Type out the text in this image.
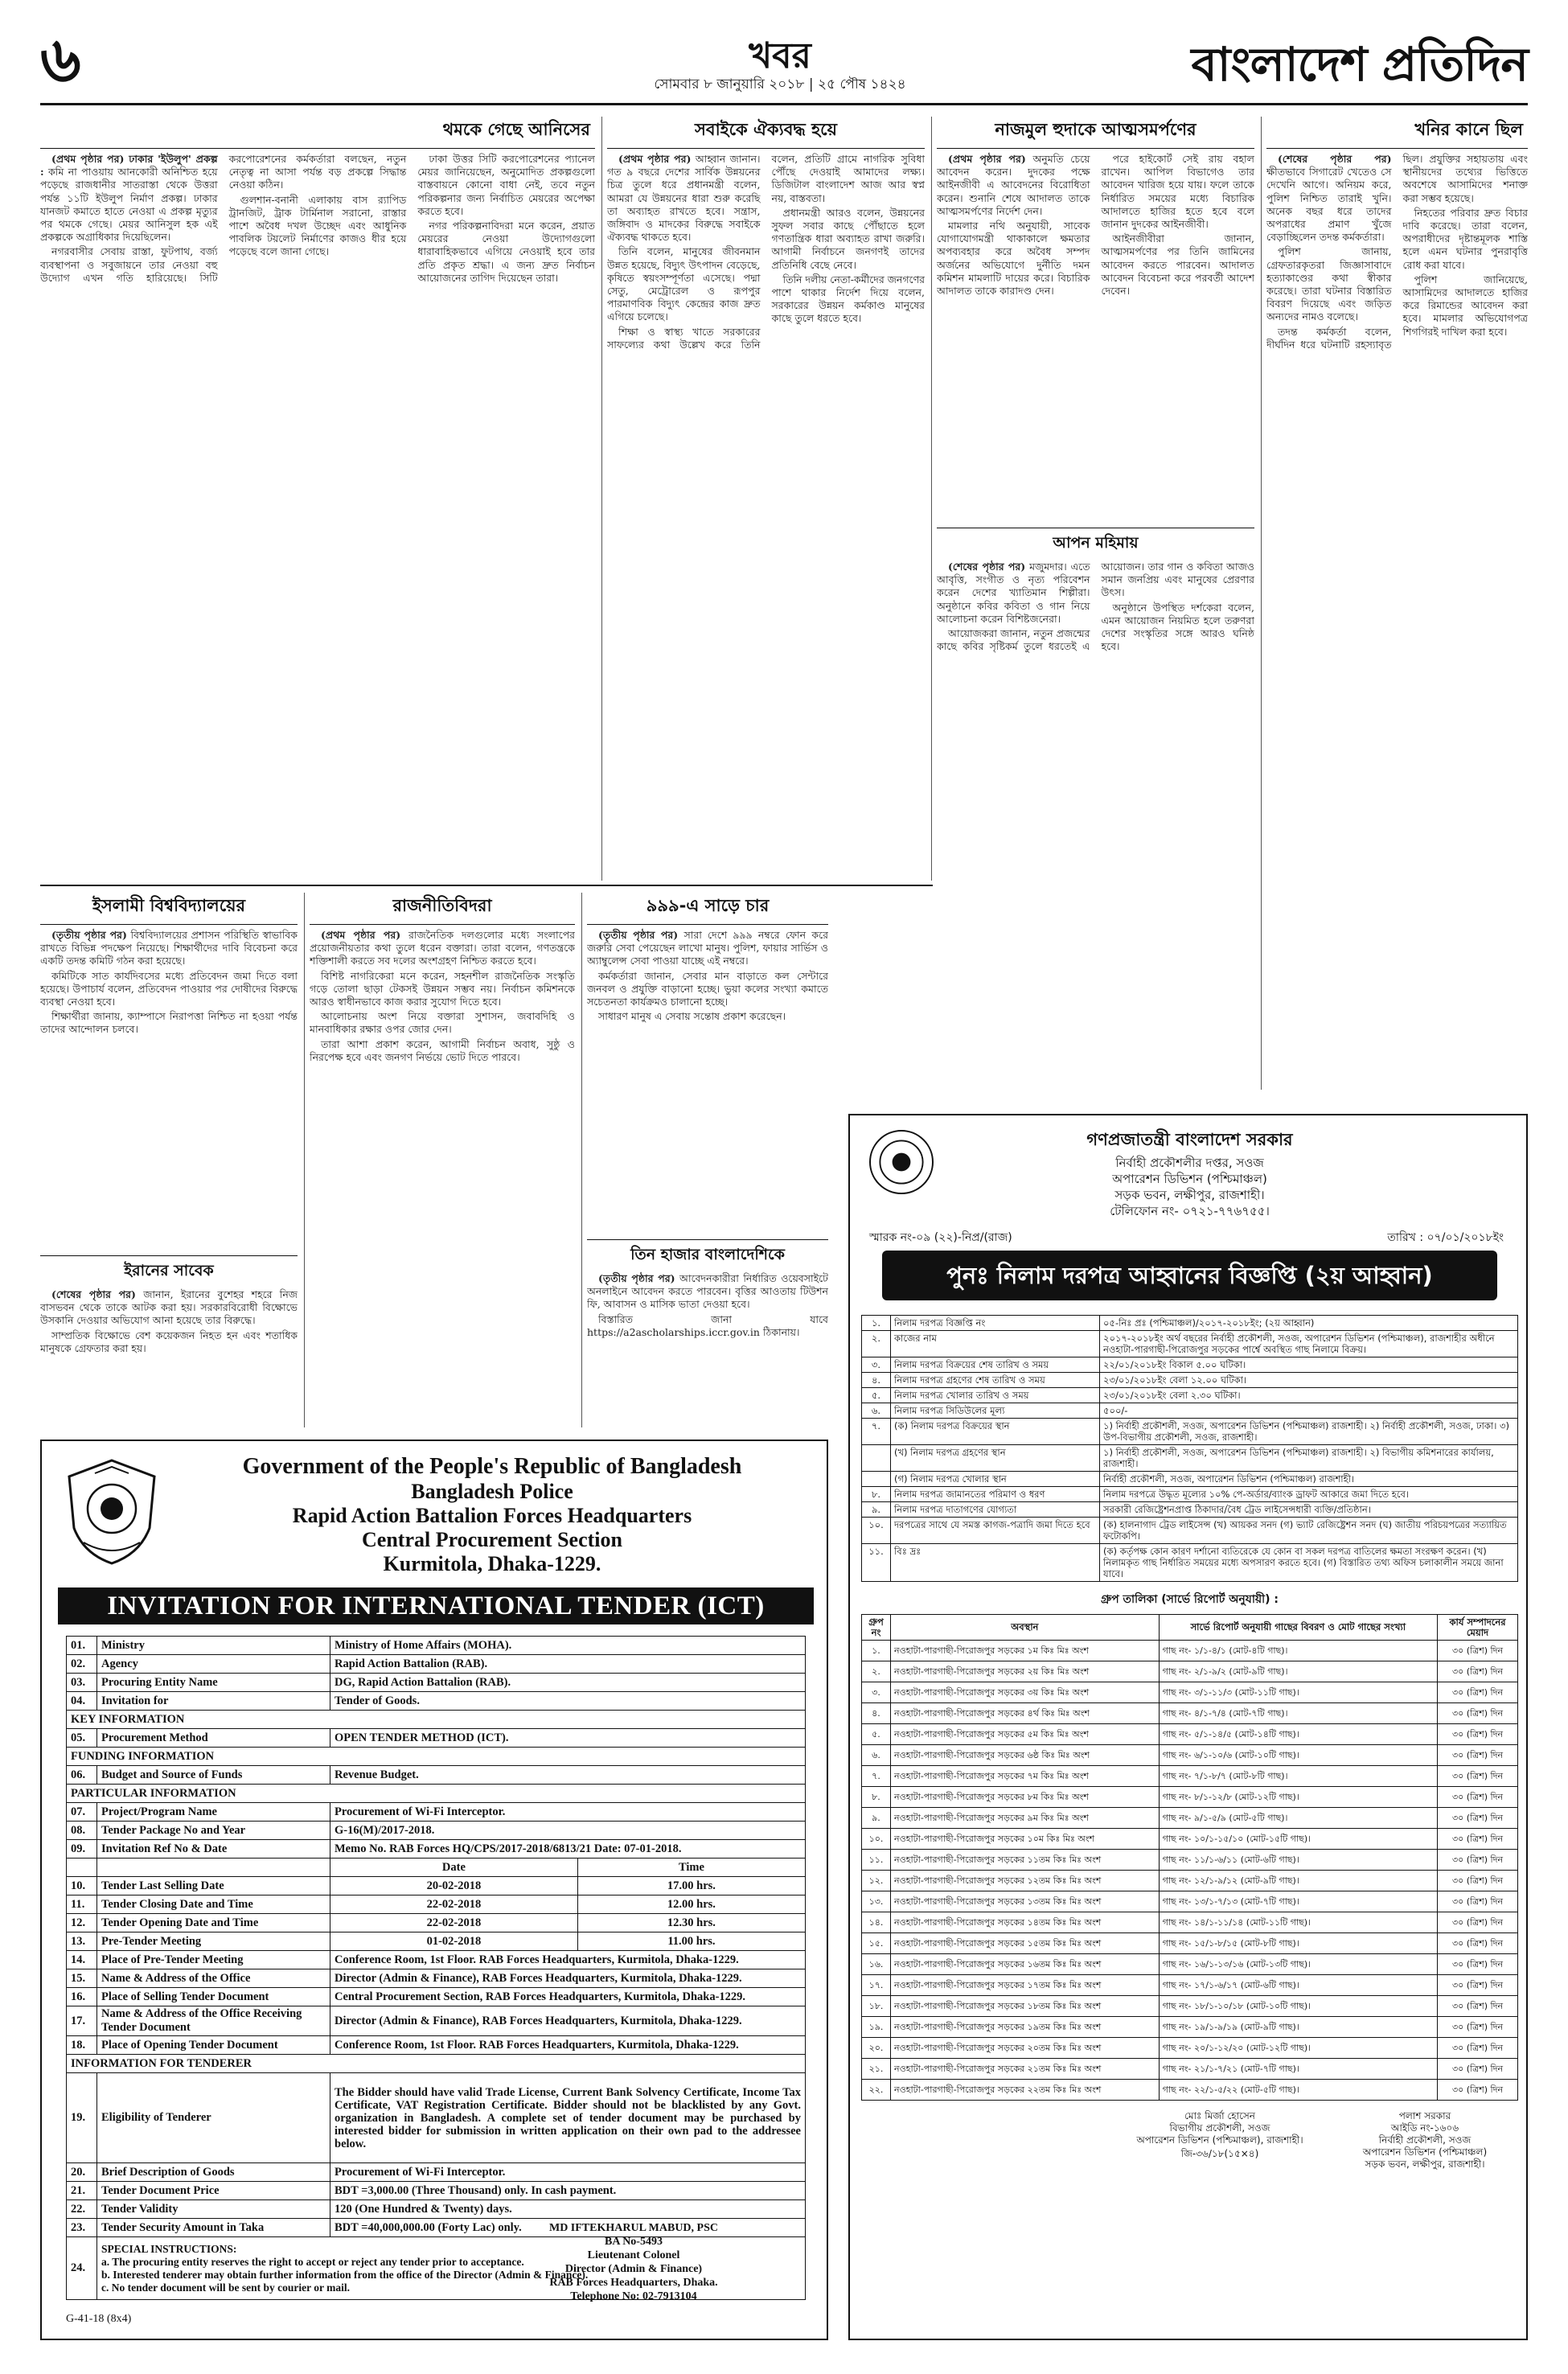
৬	খবর
সোমবার ৮ জানুয়ারি ২০১৮ | ২৫ পৌষ ১৪২৪	বাংলাদেশ প্রতিদিন
থমকে গেছে আনিসের

(প্রথম পৃষ্ঠার পর) ঢাকার 'ইউলুপ' প্রকল্প : কমি না পাওয়ায় আনকোরী অনিশ্চিত হয়ে পড়েছে রাজধানীর সাতরাস্তা থেকে উত্তরা পর্যন্ত ১১টি ইউলুপ নির্মাণ প্রকল্প। ঢাকার যানজট কমাতে হাতে নেওয়া এ প্রকল্প মৃত্যুর পর থমকে গেছে। মেয়র আনিসুল হক এই প্রকল্পকে অগ্রাধিকার দিয়েছিলেন।

নগরবাসীর সেবায় রাস্তা, ফুটপাথ, বর্জ্য ব্যবস্থাপনা ও সবুজায়নে তার নেওয়া বহু উদ্যোগ এখন গতি হারিয়েছে। সিটি করপোরেশনের কর্মকর্তারা বলছেন, নতুন নেতৃত্ব না আসা পর্যন্ত বড় প্রকল্পে সিদ্ধান্ত নেওয়া কঠিন।

গুলশান-বনানী এলাকায় বাস র‍্যাপিড ট্রানজিট, ট্রাক টার্মিনাল সরানো, রাস্তার পাশে অবৈধ দখল উচ্ছেদ এবং আধুনিক পাবলিক টয়লেট নির্মাণের কাজও ধীর হয়ে পড়েছে বলে জানা গেছে।

ঢাকা উত্তর সিটি করপোরেশনের প্যানেল মেয়র জানিয়েছেন, অনুমোদিত প্রকল্পগুলো বাস্তবায়নে কোনো বাধা নেই, তবে নতুন পরিকল্পনার জন্য নির্বাচিত মেয়রের অপেক্ষা করতে হবে।

নগর পরিকল্পনাবিদরা মনে করেন, প্রয়াত মেয়রের নেওয়া উদ্যোগগুলো ধারাবাহিকভাবে এগিয়ে নেওয়াই হবে তার প্রতি প্রকৃত শ্রদ্ধা। এ জন্য দ্রুত নির্বাচন আয়োজনের তাগিদ দিয়েছেন তারা।

সবাইকে ঐক্যবদ্ধ হয়ে

(প্রথম পৃষ্ঠার পর) আহ্বান জানান। গত ৯ বছরে দেশের সার্বিক উন্নয়নের চিত্র তুলে ধরে প্রধানমন্ত্রী বলেন, আমরা যে উন্নয়নের ধারা শুরু করেছি তা অব্যাহত রাখতে হবে। সন্ত্রাস, জঙ্গিবাদ ও মাদকের বিরুদ্ধে সবাইকে ঐক্যবদ্ধ থাকতে হবে।

তিনি বলেন, মানুষের জীবনমান উন্নত হয়েছে, বিদ্যুৎ উৎপাদন বেড়েছে, কৃষিতে স্বয়ংসম্পূর্ণতা এসেছে। পদ্মা সেতু, মেট্রোরেল ও রূপপুর পারমাণবিক বিদ্যুৎ কেন্দ্রের কাজ দ্রুত এগিয়ে চলেছে।

শিক্ষা ও স্বাস্থ্য খাতে সরকারের সাফল্যের কথা উল্লেখ করে তিনি বলেন, প্রতিটি গ্রামে নাগরিক সুবিধা পৌঁছে দেওয়াই আমাদের লক্ষ্য। ডিজিটাল বাংলাদেশ আজ আর স্বপ্ন নয়, বাস্তবতা।

প্রধানমন্ত্রী আরও বলেন, উন্নয়নের সুফল সবার কাছে পৌঁছাতে হলে গণতান্ত্রিক ধারা অব্যাহত রাখা জরুরি। আগামী নির্বাচনে জনগণই তাদের প্রতিনিধি বেছে নেবে।

তিনি দলীয় নেতা-কর্মীদের জনগণের পাশে থাকার নির্দেশ দিয়ে বলেন, সরকারের উন্নয়ন কর্মকাণ্ড মানুষের কাছে তুলে ধরতে হবে।

নাজমুল হুদাকে আত্মসমর্পণের

(প্রথম পৃষ্ঠার পর) অনুমতি চেয়ে আবেদন করেন। দুদকের পক্ষে আইনজীবী এ আবেদনের বিরোধিতা করেন। শুনানি শেষে আদালত তাকে আত্মসমর্পণের নির্দেশ দেন।

মামলার নথি অনুযায়ী, সাবেক যোগাযোগমন্ত্রী থাকাকালে ক্ষমতার অপব্যবহার করে অবৈধ সম্পদ অর্জনের অভিযোগে দুর্নীতি দমন কমিশন মামলাটি দায়ের করে। বিচারিক আদালত তাকে কারাদণ্ড দেন।

পরে হাইকোর্ট সেই রায় বহাল রাখেন। আপিল বিভাগেও তার আবেদন খারিজ হয়ে যায়। ফলে তাকে নির্ধারিত সময়ের মধ্যে বিচারিক আদালতে হাজির হতে হবে বলে জানান দুদকের আইনজীবী।

আইনজীবীরা জানান, আত্মসমর্পণের পর তিনি জামিনের আবেদন করতে পারবেন। আদালত আবেদন বিবেচনা করে পরবর্তী আদেশ দেবেন।

আপন মহিমায়

(শেষের পৃষ্ঠার পর) মজুমদার। এতে আবৃত্তি, সংগীত ও নৃত্য পরিবেশন করেন দেশের খ্যাতিমান শিল্পীরা। অনুষ্ঠানে কবির কবিতা ও গান নিয়ে আলোচনা করেন বিশিষ্টজনেরা।

আয়োজকরা জানান, নতুন প্রজন্মের কাছে কবির সৃষ্টিকর্ম তুলে ধরতেই এ আয়োজন। তার গান ও কবিতা আজও সমান জনপ্রিয় এবং মানুষের প্রেরণার উৎস।

অনুষ্ঠানে উপস্থিত দর্শকেরা বলেন, এমন আয়োজন নিয়মিত হলে তরুণরা দেশের সংস্কৃতির সঙ্গে আরও ঘনিষ্ঠ হবে।

খনির কানে ছিল

(শেষের পৃষ্ঠার পর) ক্ষীতভাবে সিগারেট খেতেও সে দেখেনি আগে। অনিয়ম করে, পুলিশ নিশ্চিত তারাই খুনি। অনেক বছর ধরে তাদের অপরাধের প্রমাণ খুঁজে বেড়াচ্ছিলেন তদন্ত কর্মকর্তারা।

পুলিশ জানায়, গ্রেফতারকৃতরা জিজ্ঞাসাবাদে হত্যাকাণ্ডের কথা স্বীকার করেছে। তারা ঘটনার বিস্তারিত বিবরণ দিয়েছে এবং জড়িত অন্যদের নামও বলেছে।

তদন্ত কর্মকর্তা বলেন, দীর্ঘদিন ধরে ঘটনাটি রহস্যাবৃত ছিল। প্রযুক্তির সহায়তায় এবং স্থানীয়দের তথ্যের ভিত্তিতে অবশেষে আসামিদের শনাক্ত করা সম্ভব হয়েছে।

নিহতের পরিবার দ্রুত বিচার দাবি করেছে। তারা বলেন, অপরাধীদের দৃষ্টান্তমূলক শাস্তি হলে এমন ঘটনার পুনরাবৃত্তি রোধ করা যাবে।

পুলিশ জানিয়েছে, আসামিদের আদালতে হাজির করে রিমান্ডের আবেদন করা হবে। মামলার অভিযোগপত্র শিগগিরই দাখিল করা হবে।

ইসলামী বিশ্ববিদ্যালয়ের

(তৃতীয় পৃষ্ঠার পর) বিশ্ববিদ্যালয়ের প্রশাসন পরিস্থিতি স্বাভাবিক রাখতে বিভিন্ন পদক্ষেপ নিয়েছে। শিক্ষার্থীদের দাবি বিবেচনা করে একটি তদন্ত কমিটি গঠন করা হয়েছে।

কমিটিকে সাত কার্যদিবসের মধ্যে প্রতিবেদন জমা দিতে বলা হয়েছে। উপাচার্য বলেন, প্রতিবেদন পাওয়ার পর দোষীদের বিরুদ্ধে ব্যবস্থা নেওয়া হবে।

শিক্ষার্থীরা জানায়, ক্যাম্পাসে নিরাপত্তা নিশ্চিত না হওয়া পর্যন্ত তাদের আন্দোলন চলবে।

ইরানের সাবেক

(শেষের পৃষ্ঠার পর) জানান, ইরানের বুশেহর শহরে নিজ বাসভবন থেকে তাকে আটক করা হয়। সরকারবিরোধী বিক্ষোভে উসকানি দেওয়ার অভিযোগ আনা হয়েছে তার বিরুদ্ধে।

সাম্প্রতিক বিক্ষোভে বেশ কয়েকজন নিহত হন এবং শতাধিক মানুষকে গ্রেফতার করা হয়।

রাজনীতিবিদরা

(প্রথম পৃষ্ঠার পর) রাজনৈতিক দলগুলোর মধ্যে সংলাপের প্রয়োজনীয়তার কথা তুলে ধরেন বক্তারা। তারা বলেন, গণতন্ত্রকে শক্তিশালী করতে সব দলের অংশগ্রহণ নিশ্চিত করতে হবে।

বিশিষ্ট নাগরিকেরা মনে করেন, সহনশীল রাজনৈতিক সংস্কৃতি গড়ে তোলা ছাড়া টেকসই উন্নয়ন সম্ভব নয়। নির্বাচন কমিশনকে আরও স্বাধীনভাবে কাজ করার সুযোগ দিতে হবে।

আলোচনায় অংশ নিয়ে বক্তারা সুশাসন, জবাবদিহি ও মানবাধিকার রক্ষার ওপর জোর দেন।

তারা আশা প্রকাশ করেন, আগামী নির্বাচন অবাধ, সুষ্ঠু ও নিরপেক্ষ হবে এবং জনগণ নির্ভয়ে ভোট দিতে পারবে।

৯৯৯-এ সাড়ে চার

(তৃতীয় পৃষ্ঠার পর) সারা দেশে ৯৯৯ নম্বরে ফোন করে জরুরি সেবা পেয়েছেন লাখো মানুষ। পুলিশ, ফায়ার সার্ভিস ও অ্যাম্বুলেন্স সেবা পাওয়া যাচ্ছে এই নম্বরে।

কর্মকর্তারা জানান, সেবার মান বাড়াতে কল সেন্টারে জনবল ও প্রযুক্তি বাড়ানো হচ্ছে। ভুয়া কলের সংখ্যা কমাতে সচেতনতা কার্যক্রমও চালানো হচ্ছে।

সাধারণ মানুষ এ সেবায় সন্তোষ প্রকাশ করেছেন।

তিন হাজার বাংলাদেশিকে

(তৃতীয় পৃষ্ঠার পর) আবেদনকারীরা নির্ধারিত ওয়েবসাইটে অনলাইনে আবেদন করতে পারবেন। বৃত্তির আওতায় টিউশন ফি, আবাসন ও মাসিক ভাতা দেওয়া হবে।

বিস্তারিত জানা যাবে https://a2ascholarships.iccr.gov.in ঠিকানায়।

Government of the People's Republic of Bangladesh
Bangladesh Police
Rapid Action Battalion Forces Headquarters
Central Procurement Section
Kurmitola, Dhaka-1229.
INVITATION FOR INTERNATIONAL TENDER (ICT)
01.	Ministry	Ministry of Home Affairs (MOHA).	
02.	Agency	Rapid Action Battalion (RAB).	
03.	Procuring Entity Name	DG, Rapid Action Battalion (RAB).	
04.	Invitation for	Tender of Goods.	
KEY INFORMATION			
05.	Procurement Method	OPEN TENDER METHOD (ICT).	
FUNDING INFORMATION			
06.	Budget and Source of Funds	Revenue Budget.	
PARTICULAR INFORMATION			
07.	Project/Program Name	Procurement of Wi-Fi Interceptor.	
08.	Tender Package No and Year	G-16(M)/2017-2018.	
09.	Invitation Ref No & Date	Memo No. RAB Forces HQ/CPS/2017-2018/6813/21 Date: 07-01-2018.	
		Date	Time
10.	Tender Last Selling Date	20-02-2018	17.00 hrs.
11.	Tender Closing Date and Time	22-02-2018	12.00 hrs.
12.	Tender Opening Date and Time	22-02-2018	12.30 hrs.
13.	Pre-Tender Meeting	01-02-2018	11.00 hrs.
14.	Place of Pre-Tender Meeting	Conference Room, 1st Floor. RAB Forces Headquarters, Kurmitola, Dhaka-1229.	
15.	Name & Address of the Office	Director (Admin & Finance), RAB Forces Headquarters, Kurmitola, Dhaka-1229.	
16.	Place of Selling Tender Document	Central Procurement Section, RAB Forces Headquarters, Kurmitola, Dhaka-1229.	
17.	Name & Address of the Office Receiving Tender Document	Director (Admin & Finance), RAB Forces Headquarters, Kurmitola, Dhaka-1229.	
18.	Place of Opening Tender Document	Conference Room, 1st Floor. RAB Forces Headquarters, Kurmitola, Dhaka-1229.	
INFORMATION FOR TENDERER			
19.	Eligibility of Tenderer	The Bidder should have valid Trade License, Current Bank Solvency Certificate, Income Tax Certificate, VAT Registration Certificate. Bidder should not be blacklisted by any Govt. organization in Bangladesh. A complete set of tender document may be purchased by interested bidder for submission in written application on their own pad to the addressee below.	
20.	Brief Description of Goods	Procurement of Wi-Fi Interceptor.	
21.	Tender Document Price	BDT =3,000.00 (Three Thousand) only. In cash payment.	
22.	Tender Validity	120 (One Hundred & Twenty) days.	
23.	Tender Security Amount in Taka	BDT =40,000,000.00 (Forty Lac) only.	
24.	SPECIAL INSTRUCTIONS:
a. The procuring entity reserves the right to accept or reject any tender prior to acceptance.
b. Interested tenderer may obtain further information from the office of the Director (Admin & Finance).
c. No tender document will be sent by courier or mail.		
MD IFTEKHARUL MABUD, PSC
BA No-5493
Lieutenant Colonel
Director (Admin & Finance)
RAB Forces Headquarters, Dhaka.
Telephone No: 02-7913104
G-41-18 (8x4)
গণপ্রজাতন্ত্রী বাংলাদেশ সরকার
নির্বাহী প্রকৌশলীর দপ্তর, সওজ
অপারেশন ডিভিশন (পশ্চিমাঞ্চল)
সড়ক ভবন, লক্ষীপুর, রাজশাহী।
টেলিফোন নং- ০৭২১-৭৭৬৭৫৫।
স্মারক নং-০৯ (২২)-নিপ্র/(রাজ)	তারিখ : ০৭/০১/২০১৮ইং
পুনঃ নিলাম দরপত্র আহ্বানের বিজ্ঞপ্তি (২য় আহ্বান)
১.	নিলাম দরপত্র বিজ্ঞপ্তি নং	০৫-নিঃ প্রঃ (পশ্চিমাঞ্চল)/২০১৭-২০১৮ইং; (২য় আহ্বান)
২.	কাজের নাম	২০১৭-২০১৮ইং অর্থ বছরের নির্বাহী প্রকৌশলী, সওজ, অপারেশন ডিভিশন (পশ্চিমাঞ্চল), রাজশাহীর অধীনে নওহাটা-পারগাছী-পিরোজপুর সড়কের পার্শ্বে অবস্থিত গাছ নিলামে বিক্রয়।
৩.	নিলাম দরপত্র বিক্রয়ের শেষ তারিখ ও সময়	২২/০১/২০১৮ইং বিকাল ৫.০০ ঘটিকা।
৪.	নিলাম দরপত্র গ্রহণের শেষ তারিখ ও সময়	২৩/০১/২০১৮ইং বেলা ১২.০০ ঘটিকা।
৫.	নিলাম দরপত্র খোলার তারিখ ও সময়	২৩/০১/২০১৮ইং বেলা ২.৩০ ঘটিকা।
৬.	নিলাম দরপত্র সিডিউলের মূল্য	৫০০/-
৭.	(ক) নিলাম দরপত্র বিক্রয়ের স্থান	১) নির্বাহী প্রকৌশলী, সওজ, অপারেশন ডিভিশন (পশ্চিমাঞ্চল) রাজশাহী। ২) নির্বাহী প্রকৌশলী, সওজ, ঢাকা। ৩) উপ-বিভাগীয় প্রকৌশলী, সওজ, রাজশাহী।
	(খ) নিলাম দরপত্র গ্রহণের স্থান	১) নির্বাহী প্রকৌশলী, সওজ, অপারেশন ডিভিশন (পশ্চিমাঞ্চল) রাজশাহী। ২) বিভাগীয় কমিশনারের কার্যালয়, রাজশাহী।
	(গ) নিলাম দরপত্র খোলার স্থান	নির্বাহী প্রকৌশলী, সওজ, অপারেশন ডিভিশন (পশ্চিমাঞ্চল) রাজশাহী।
৮.	নিলাম দরপত্র জামানতের পরিমাণ ও ধরণ	নিলাম দরপত্রে উদ্ধৃত মূল্যের ১০% পে-অর্ডার/ব্যাংক ড্রাফট আকারে জমা দিতে হবে।
৯.	নিলাম দরপত্র দাতাগণের যোগ্যতা	সরকারী রেজিষ্ট্রেশনপ্রাপ্ত ঠিকাদার/বৈধ ট্রেড লাইসেন্সধারী ব্যক্তি/প্রতিষ্ঠান।
১০.	দরপত্রের সাথে যে সমস্ত কাগজ-পত্রাদি জমা দিতে হবে	(ক) হালনাগাদ ট্রেড লাইসেন্স (খ) আয়কর সনদ (গ) ভ্যাট রেজিষ্ট্রেশন সনদ (ঘ) জাতীয় পরিচয়পত্রের সত্যায়িত ফটোকপি।
১১.	বিঃ দ্রঃ	(ক) কর্তৃপক্ষ কোন কারণ দর্শানো ব্যতিরেকে যে কোন বা সকল দরপত্র বাতিলের ক্ষমতা সংরক্ষণ করেন। (খ) নিলামকৃত গাছ নির্ধারিত সময়ের মধ্যে অপসারণ করতে হবে। (গ) বিস্তারিত তথ্য অফিস চলাকালীন সময়ে জানা যাবে।
গ্রুপ তালিকা (সার্ভে রিপোর্ট অনুযায়ী) :
গ্রুপ নং	অবস্থান	সার্ভে রিপোর্ট অনুযায়ী গাছের বিবরণ ও মোট গাছের সংখ্যা	কার্য সম্পাদনের মেয়াদ
১.	নওহাটা-পারগাছী-পিরোজপুর সড়কের ১ম কিঃ মিঃ অংশ	গাছ নং- ১/১-৪/১ (মোট-৪টি গাছ)।	৩০ (ত্রিশ) দিন
২.	নওহাটা-পারগাছী-পিরোজপুর সড়কের ২য় কিঃ মিঃ অংশ	গাছ নং- ২/১-৯/২ (মোট-৯টি গাছ)।	৩০ (ত্রিশ) দিন
৩.	নওহাটা-পারগাছী-পিরোজপুর সড়কের ৩য় কিঃ মিঃ অংশ	গাছ নং- ৩/১-১১/৩ (মোট-১১টি গাছ)।	৩০ (ত্রিশ) দিন
৪.	নওহাটা-পারগাছী-পিরোজপুর সড়কের ৪র্থ কিঃ মিঃ অংশ	গাছ নং- ৪/১-৭/৪ (মোট-৭টি গাছ)।	৩০ (ত্রিশ) দিন
৫.	নওহাটা-পারগাছী-পিরোজপুর সড়কের ৫ম কিঃ মিঃ অংশ	গাছ নং- ৫/১-১৪/৫ (মোট-১৪টি গাছ)।	৩০ (ত্রিশ) দিন
৬.	নওহাটা-পারগাছী-পিরোজপুর সড়কের ৬ষ্ঠ কিঃ মিঃ অংশ	গাছ নং- ৬/১-১০/৬ (মোট-১০টি গাছ)।	৩০ (ত্রিশ) দিন
৭.	নওহাটা-পারগাছী-পিরোজপুর সড়কের ৭ম কিঃ মিঃ অংশ	গাছ নং- ৭/১-৮/৭ (মোট-৮টি গাছ)।	৩০ (ত্রিশ) দিন
৮.	নওহাটা-পারগাছী-পিরোজপুর সড়কের ৮ম কিঃ মিঃ অংশ	গাছ নং- ৮/১-১২/৮ (মোট-১২টি গাছ)।	৩০ (ত্রিশ) দিন
৯.	নওহাটা-পারগাছী-পিরোজপুর সড়কের ৯ম কিঃ মিঃ অংশ	গাছ নং- ৯/১-৫/৯ (মোট-৫টি গাছ)।	৩০ (ত্রিশ) দিন
১০.	নওহাটা-পারগাছী-পিরোজপুর সড়কের ১০ম কিঃ মিঃ অংশ	গাছ নং- ১০/১-১৫/১০ (মোট-১৫টি গাছ)।	৩০ (ত্রিশ) দিন
১১.	নওহাটা-পারগাছী-পিরোজপুর সড়কের ১১তম কিঃ মিঃ অংশ	গাছ নং- ১১/১-৬/১১ (মোট-৬টি গাছ)।	৩০ (ত্রিশ) দিন
১২.	নওহাটা-পারগাছী-পিরোজপুর সড়কের ১২তম কিঃ মিঃ অংশ	গাছ নং- ১২/১-৯/১২ (মোট-৯টি গাছ)।	৩০ (ত্রিশ) দিন
১৩.	নওহাটা-পারগাছী-পিরোজপুর সড়কের ১৩তম কিঃ মিঃ অংশ	গাছ নং- ১৩/১-৭/১৩ (মোট-৭টি গাছ)।	৩০ (ত্রিশ) দিন
১৪.	নওহাটা-পারগাছী-পিরোজপুর সড়কের ১৪তম কিঃ মিঃ অংশ	গাছ নং- ১৪/১-১১/১৪ (মোট-১১টি গাছ)।	৩০ (ত্রিশ) দিন
১৫.	নওহাটা-পারগাছী-পিরোজপুর সড়কের ১৫তম কিঃ মিঃ অংশ	গাছ নং- ১৫/১-৮/১৫ (মোট-৮টি গাছ)।	৩০ (ত্রিশ) দিন
১৬.	নওহাটা-পারগাছী-পিরোজপুর সড়কের ১৬তম কিঃ মিঃ অংশ	গাছ নং- ১৬/১-১৩/১৬ (মোট-১৩টি গাছ)।	৩০ (ত্রিশ) দিন
১৭.	নওহাটা-পারগাছী-পিরোজপুর সড়কের ১৭তম কিঃ মিঃ অংশ	গাছ নং- ১৭/১-৬/১৭ (মোট-৬টি গাছ)।	৩০ (ত্রিশ) দিন
১৮.	নওহাটা-পারগাছী-পিরোজপুর সড়কের ১৮তম কিঃ মিঃ অংশ	গাছ নং- ১৮/১-১০/১৮ (মোট-১০টি গাছ)।	৩০ (ত্রিশ) দিন
১৯.	নওহাটা-পারগাছী-পিরোজপুর সড়কের ১৯তম কিঃ মিঃ অংশ	গাছ নং- ১৯/১-৯/১৯ (মোট-৯টি গাছ)।	৩০ (ত্রিশ) দিন
২০.	নওহাটা-পারগাছী-পিরোজপুর সড়কের ২০তম কিঃ মিঃ অংশ	গাছ নং- ২০/১-১২/২০ (মোট-১২টি গাছ)।	৩০ (ত্রিশ) দিন
২১.	নওহাটা-পারগাছী-পিরোজপুর সড়কের ২১তম কিঃ মিঃ অংশ	গাছ নং- ২১/১-৭/২১ (মোট-৭টি গাছ)।	৩০ (ত্রিশ) দিন
২২.	নওহাটা-পারগাছী-পিরোজপুর সড়কের ২২তম কিঃ মিঃ অংশ	গাছ নং- ২২/১-৫/২২ (মোট-৫টি গাছ)।	৩০ (ত্রিশ) দিন
মোঃ মির্জা হোসেন
বিভাগীয় প্রকৌশলী, সওজ
অপারেশন ডিভিশন (পশ্চিমাঞ্চল), রাজশাহী।
পলাশ সরকার
আইডি নং-১৬০৬
নির্বাহী প্রকৌশলী, সওজ
অপারেশন ডিভিশন (পশ্চিমাঞ্চল)
সড়ক ভবন, লক্ষীপুর, রাজশাহী।
জি-৩৬/১৮(১৫×৪)
